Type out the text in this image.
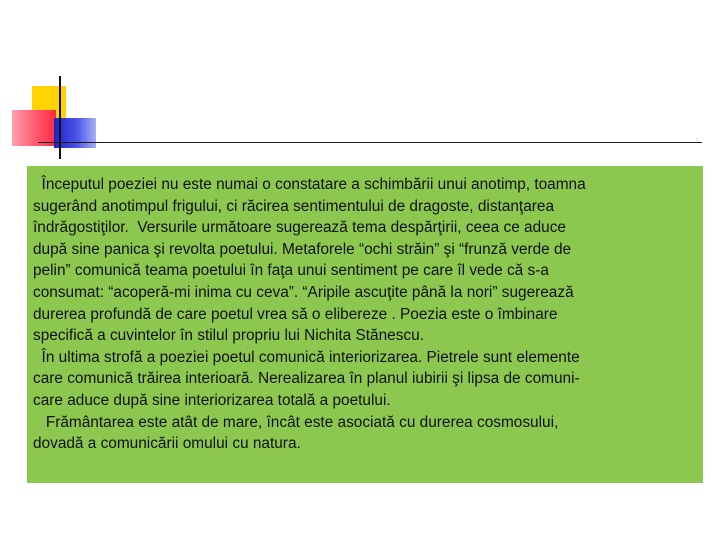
Începutul poeziei nu este numai o constatare a schimbării unui anotimp, toamna
sugerând anotimpul frigului, ci răcirea sentimentului de dragoste, distanţarea
îndrăgostiţilor.  Versurile următoare sugerează tema despărţirii, ceea ce aduce
după sine panica şi revolta poetului. Metaforele “ochi străin” şi “frunză verde de
pelin” comunică teama poetului în faţa unui sentiment pe care îl vede că s-a
consumat: “acoperă-mi inima cu ceva”. “Aripile ascuţite până la nori” sugerează
durerea profundă de care poetul vrea să o elibereze . Poezia este o îmbinare
specifică a cuvintelor în stilul propriu lui Nichita Stănescu.
În ultima strofă a poeziei poetul comunică interiorizarea. Pietrele sunt elemente
care comunică trăirea interioară. Nerealizarea în planul iubirii şi lipsa de comuni-
care aduce după sine interiorizarea totală a poetului.
Frământarea este atât de mare, încât este asociată cu durerea cosmosului,
dovadă a comunicării omului cu natura.
